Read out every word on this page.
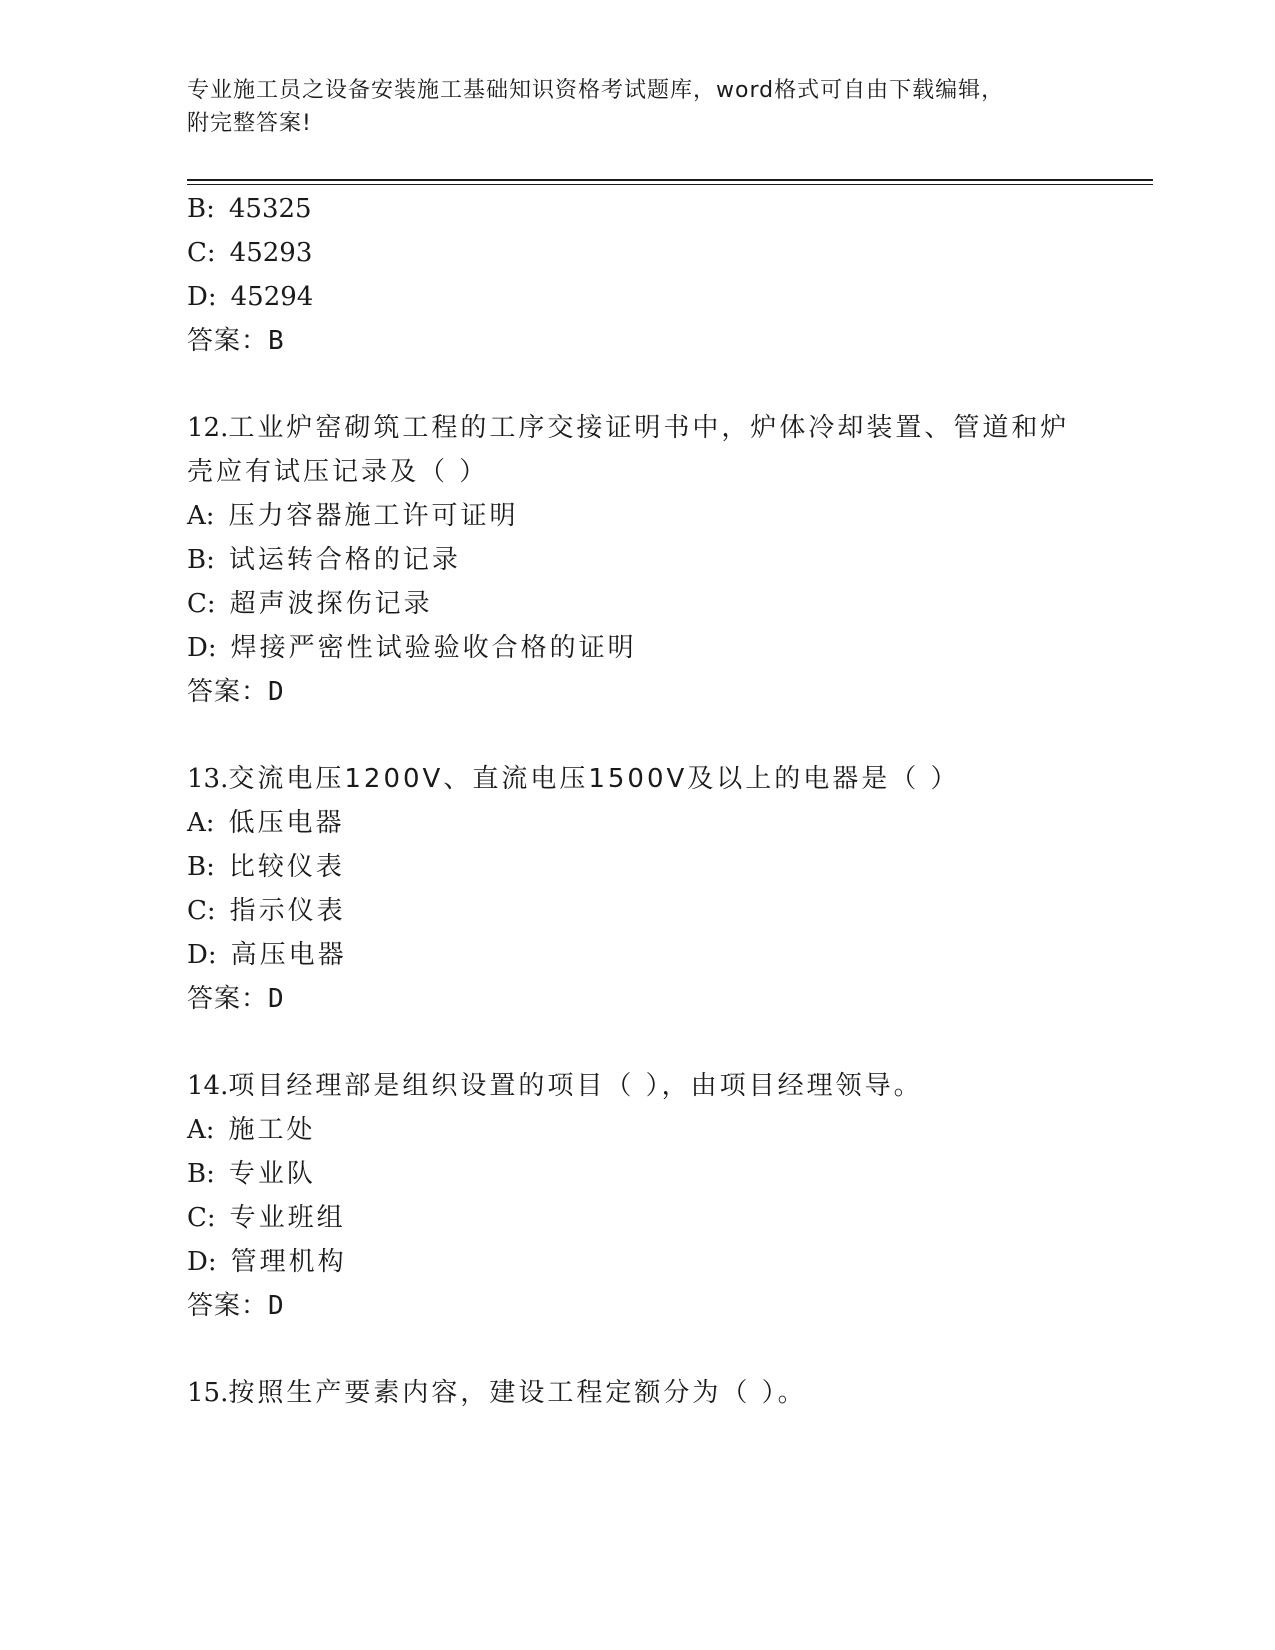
专业施工员之设备安装施工基础知识资格考试题库，word格式可自由下载编辑，
附完整答案!
B: 45325
C: 45293
D: 45294
答案：B
12.工业炉窑砌筑工程的工序交接证明书中，炉体冷却装置、管道和炉
壳应有试压记录及（ ）
A: 压力容器施工许可证明
B: 试运转合格的记录
C: 超声波探伤记录
D: 焊接严密性试验验收合格的证明
答案：D
13.交流电压1200V、直流电压1500V及以上的电器是（ ）
A: 低压电器
B: 比较仪表
C: 指示仪表
D: 高压电器
答案：D
14.项目经理部是组织设置的项目（ ），由项目经理领导。
A: 施工处
B: 专业队
C: 专业班组
D: 管理机构
答案：D
15.按照生产要素内容，建设工程定额分为（ ）。
